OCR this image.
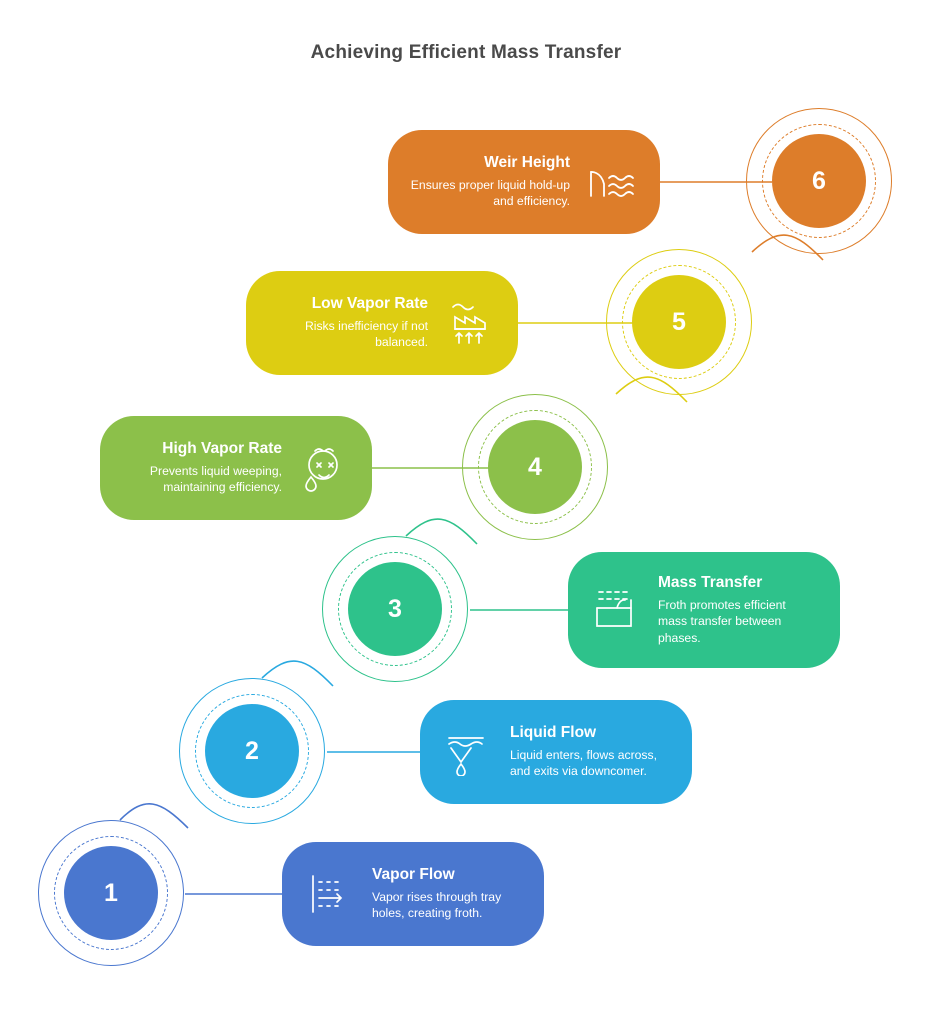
Achieving Efficient Mass Transfer
6
Weir Height
Ensures proper liquid hold-up and efficiency.
5
Low Vapor Rate
Risks inefficiency if not balanced.
4
High Vapor Rate
Prevents liquid weeping, maintaining efficiency.
3
Mass Transfer
Froth promotes efficient mass transfer between phases.
2
Liquid Flow
Liquid enters, flows across, and exits via downcomer.
1
Vapor Flow
Vapor rises through tray holes, creating froth.
